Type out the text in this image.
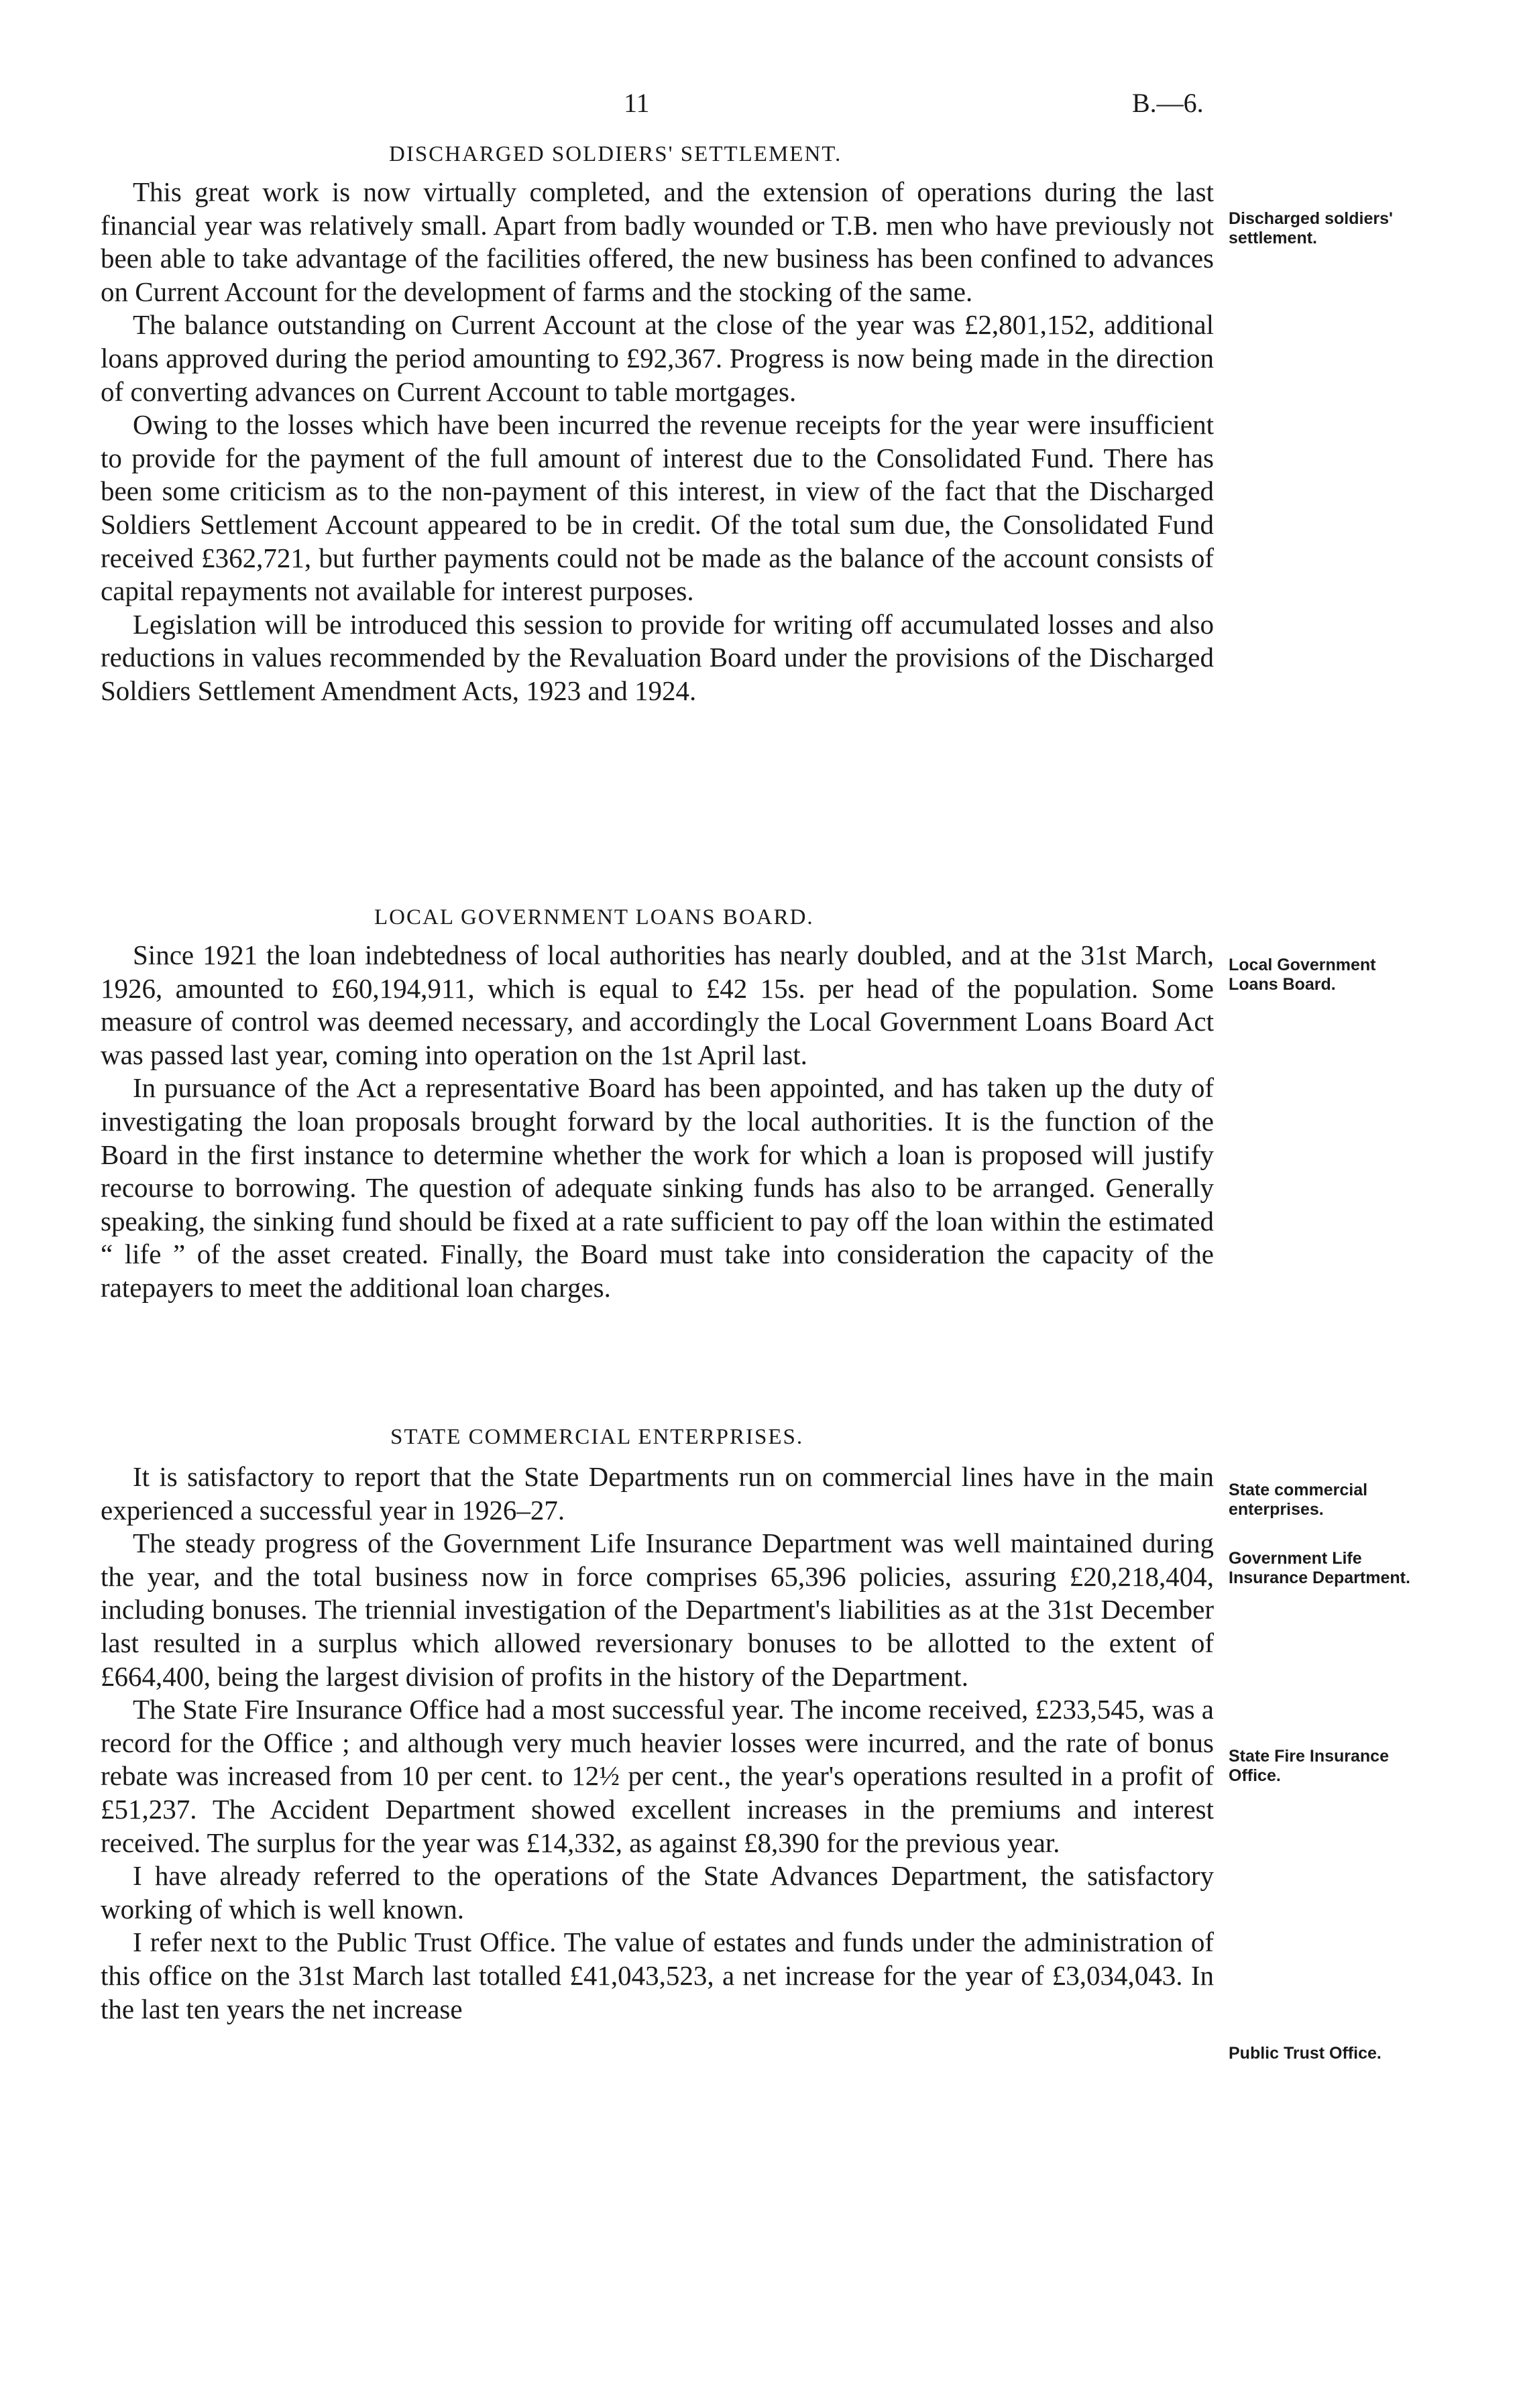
11	B.—6.
DISCHARGED SOLDIERS' SETTLEMENT.

This great work is now virtually completed, and the extension of operations during the last financial year was relatively small. Apart from badly wounded or T.B. men who have previously not been able to take advantage of the facilities offered, the new business has been confined to advances on Current Account for the development of farms and the stocking of the same.

The balance outstanding on Current Account at the close of the year was £2,801,152, additional loans approved during the period amounting to £92,367. Progress is now being made in the direction of converting advances on Current Account to table mortgages.

Owing to the losses which have been incurred the revenue receipts for the year were insufficient to provide for the payment of the full amount of interest due to the Consolidated Fund. There has been some criticism as to the non-payment of this interest, in view of the fact that the Discharged Soldiers Settlement Account appeared to be in credit. Of the total sum due, the Consolidated Fund received £362,721, but further payments could not be made as the balance of the account consists of capital repayments not available for interest purposes.

Legislation will be introduced this session to provide for writing off accumulated losses and also reductions in values recommended by the Revaluation Board under the provisions of the Discharged Soldiers Settlement Amendment Acts, 1923 and 1924.

LOCAL GOVERNMENT LOANS BOARD.

Since 1921 the loan indebtedness of local authorities has nearly doubled, and at the 31st March, 1926, amounted to £60,194,911, which is equal to £42 15s. per head of the population. Some measure of control was deemed necessary, and accordingly the Local Government Loans Board Act was passed last year, coming into operation on the 1st April last.

In pursuance of the Act a representative Board has been appointed, and has taken up the duty of investigating the loan proposals brought forward by the local authorities. It is the function of the Board in the first instance to determine whether the work for which a loan is proposed will justify recourse to borrowing. The question of adequate sinking funds has also to be arranged. Generally speaking, the sinking fund should be fixed at a rate sufficient to pay off the loan within the estimated “ life ” of the asset created. Finally, the Board must take into consideration the capacity of the ratepayers to meet the additional loan charges.

STATE COMMERCIAL ENTERPRISES.

It is satisfactory to report that the State Departments run on commercial lines have in the main experienced a successful year in 1926–27.

The steady progress of the Government Life Insurance Department was well maintained during the year, and the total business now in force comprises 65,396 policies, assuring £20,218,404, including bonuses. The triennial investigation of the Department's liabilities as at the 31st December last resulted in a surplus which allowed reversionary bonuses to be allotted to the extent of £664,400, being the largest division of profits in the history of the Department.

The State Fire Insurance Office had a most successful year. The income received, £233,545, was a record for the Office ; and although very much heavier losses were incurred, and the rate of bonus rebate was increased from 10 per cent. to 12½ per cent., the year's operations resulted in a profit of £51,237. The Accident Department showed excellent increases in the premiums and interest received. The surplus for the year was £14,332, as against £8,390 for the previous year.

I have already referred to the operations of the State Advances Department, the satisfactory working of which is well known.

I refer next to the Public Trust Office. The value of estates and funds under the administration of this office on the 31st March last totalled £41,043,523, a net increase for the year of £3,034,043. In the last ten years the net increase

Discharged soldiers' settlement.
Local Government Loans Board.
State commercial enterprises.
Government Life Insurance Department.
State Fire Insurance Office.
Public Trust Office.
